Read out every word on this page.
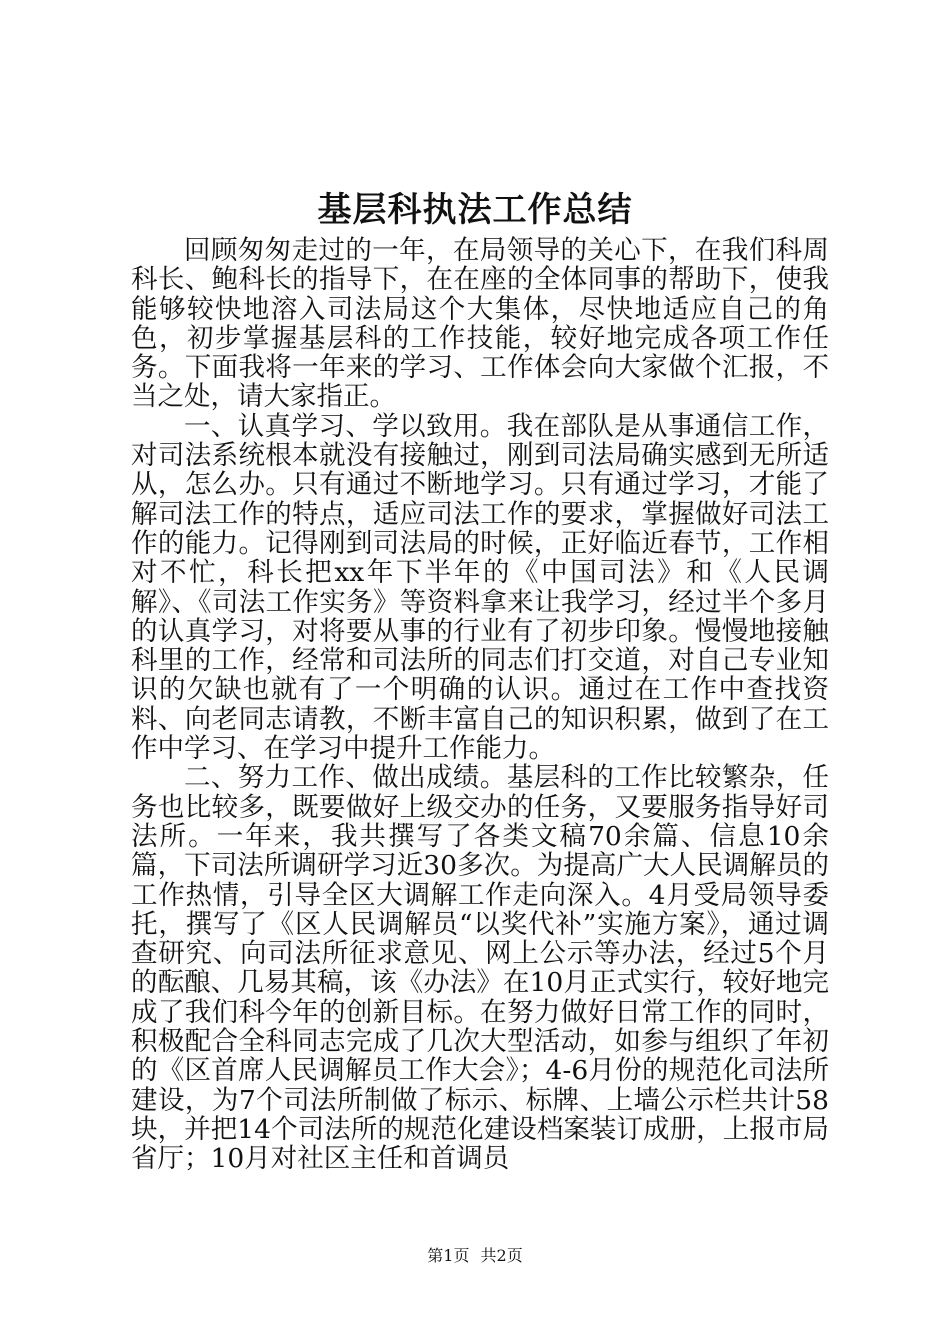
基层科执法工作总结

回顾匆匆走过的一年，在局领导的关心下，在我们科周科长、鲍科长的指导下，在在座的全体同事的帮助下，使我能够较快地溶入司法局这个大集体，尽快地适应自己的角色，初步掌握基层科的工作技能，较好地完成各项工作任务。下面我将一年来的学习、工作体会向大家做个汇报，不当之处，请大家指正。

一、认真学习、学以致用。我在部队是从事通信工作，对司法系统根本就没有接触过，刚到司法局确实感到无所适从，怎么办。只有通过不断地学习。只有通过学习，才能了解司法工作的特点，适应司法工作的要求，掌握做好司法工作的能力。记得刚到司法局的时候，正好临近春节，工作相对不忙，科长把xx年下半年的《中国司法》和《人民调解》、《司法工作实务》等资料拿来让我学习，经过半个多月的认真学习，对将要从事的行业有了初步印象。慢慢地接触科里的工作，经常和司法所的同志们打交道，对自己专业知识的欠缺也就有了一个明确的认识。通过在工作中查找资料、向老同志请教，不断丰富自己的知识积累，做到了在工作中学习、在学习中提升工作能力。

二、努力工作、做出成绩。基层科的工作比较繁杂，任务也比较多，既要做好上级交办的任务，又要服务指导好司法所。一年来，我共撰写了各类文稿70余篇、信息10余篇，下司法所调研学习近30多次。为提高广大人民调解员的工作热情，引导全区大调解工作走向深入。4月受局领导委托，撰写了《区人民调解员“以奖代补”实施方案》，通过调查研究、向司法所征求意见、网上公示等办法，经过5个月的酝酿、几易其稿，该《办法》在10月正式实行，较好地完成了我们科今年的创新目标。在努力做好日常工作的同时，积极配合全科同志完成了几次大型活动，如参与组织了年初的《区首席人民调解员工作大会》；4-6月份的规范化司法所建设，为7个司法所制做了标示、标牌、上墙公示栏共计58块，并把14个司法所的规范化建设档案装订成册，上报市局省厅；10月对社区主任和首调员

第1页 共2页
